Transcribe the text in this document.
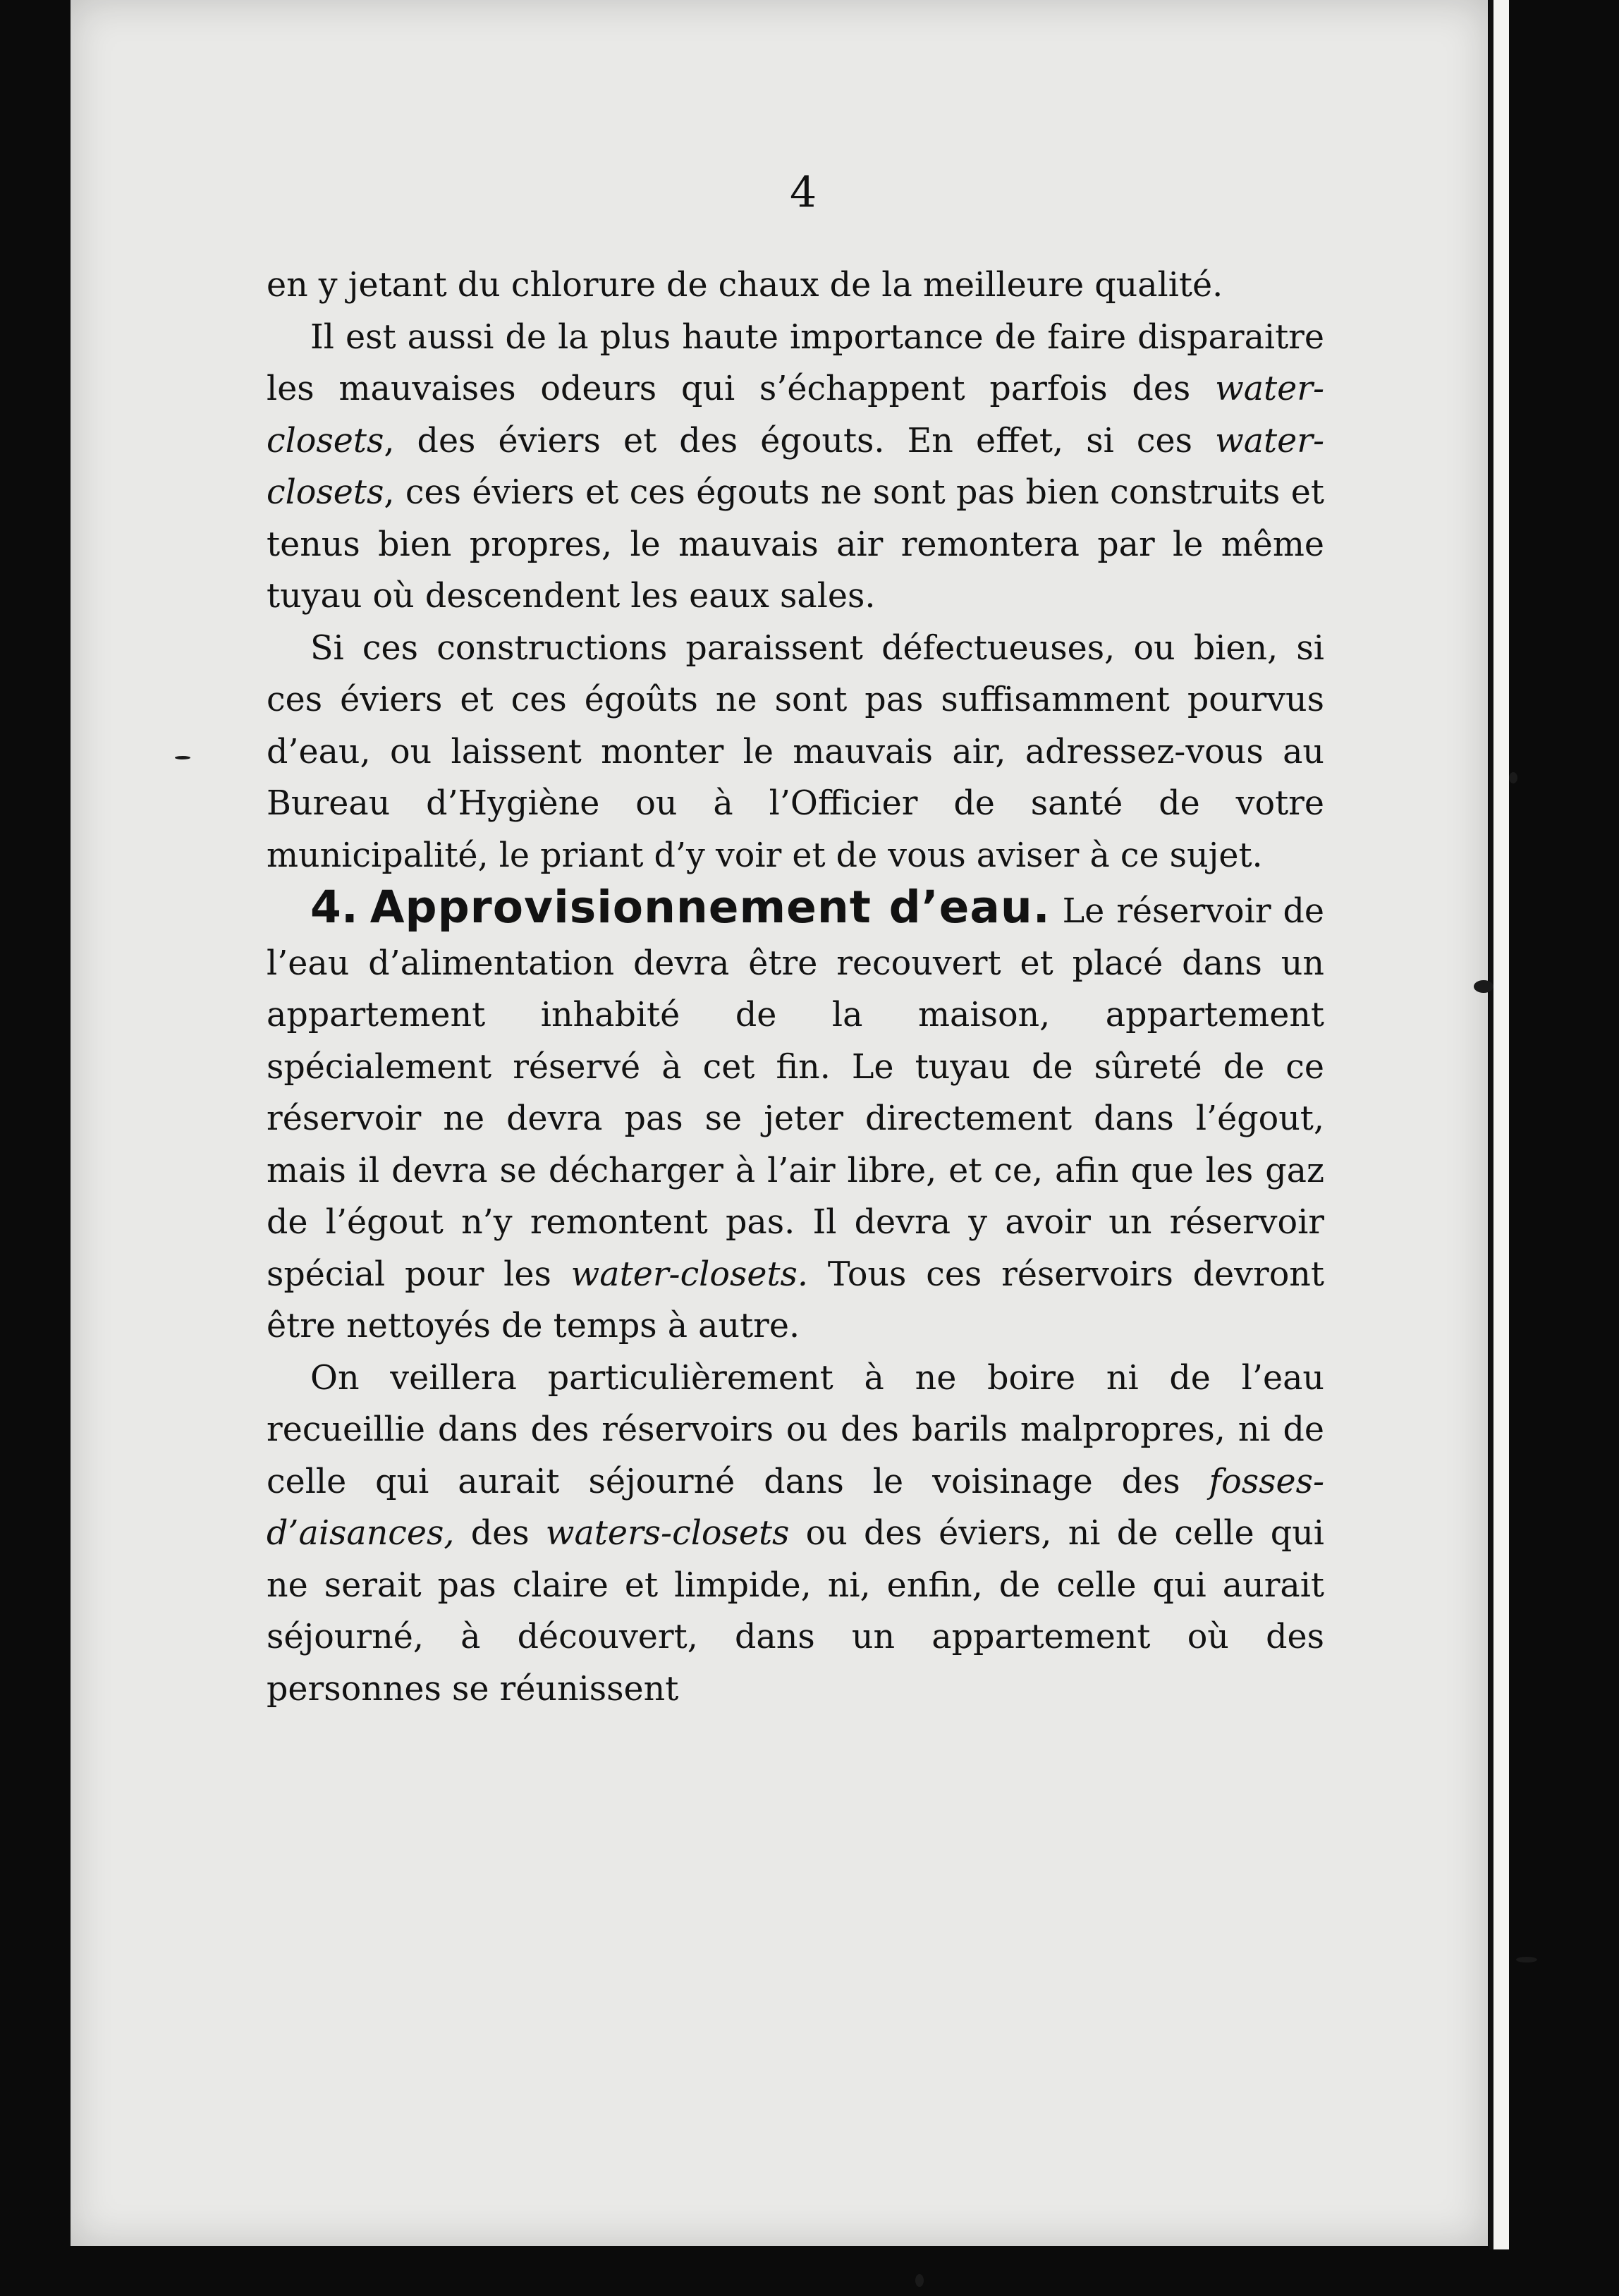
4

en y jetant du chlorure de chaux de la meilleure qualité.

Il est aussi de la plus haute importance de faire disparaitre les mauvaises odeurs qui s’échappent parfois des water-closets, des éviers et des égouts. En effet, si ces water-closets, ces éviers et ces égouts ne sont pas bien construits et tenus bien propres, le mauvais air remontera par le même tuyau où descendent les eaux sales.

Si ces constructions paraissent défectueuses, ou bien, si ces éviers et ces égoûts ne sont pas suffisamment pourvus d’eau, ou laissent monter le mauvais air, adressez-vous au Bureau d’Hygiène ou à l’Officier de santé de votre municipalité, le priant d’y voir et de vous aviser à ce sujet.

4. Approvisionnement d’eau. Le réservoir de l’eau d’alimentation devra être recouvert et placé dans un appartement inhabité de la maison, appartement spécialement réservé à cet fin. Le tuyau de sûreté de ce réservoir ne devra pas se jeter directement dans l’égout, mais il devra se décharger à l’air libre, et ce, afin que les gaz de l’égout n’y remontent pas. Il devra y avoir un réservoir spécial pour les water-closets. Tous ces réservoirs devront être nettoyés de temps à autre.

On veillera particulièrement à ne boire ni de l’eau recueillie dans des réservoirs ou des barils malpropres, ni de celle qui aurait séjourné dans le voisinage des fosses-d’aisances, des waters-closets ou des éviers, ni de celle qui ne serait pas claire et limpide, ni, enfin, de celle qui aurait séjourné, à découvert, dans un appartement où des personnes se réunissent
